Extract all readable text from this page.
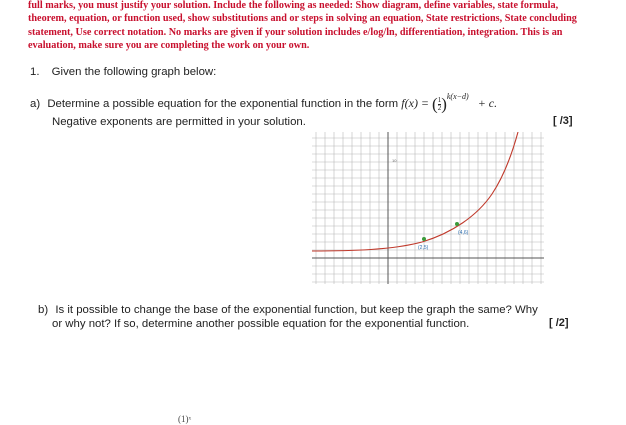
full marks, you must justify your solution. Include the following as needed: Show diagram, define variables, state formula, theorem, equation, or function used, show substitutions and or steps in solving an equation, State restrictions, State concluding statement, Use correct notation. No marks are given if your solution includes e/log/ln, differentiation, integration. This is an evaluation, make sure you are completing the work on your own.

1. Given the following graph below:
a) Determine a possible equation for the exponential function in the form f(x) = ( $\frac{1}{2} )^{k(x-d)} + c$.
Negative exponents are permitted in your solution.	[ /3]
10
(2,5)
(4,6)
b) Is it possible to change the base of the exponential function, but keep the graph the same? Why
or why not? If so, determine another possible equation for the exponential function.	[ /2]
(1)ˣ
